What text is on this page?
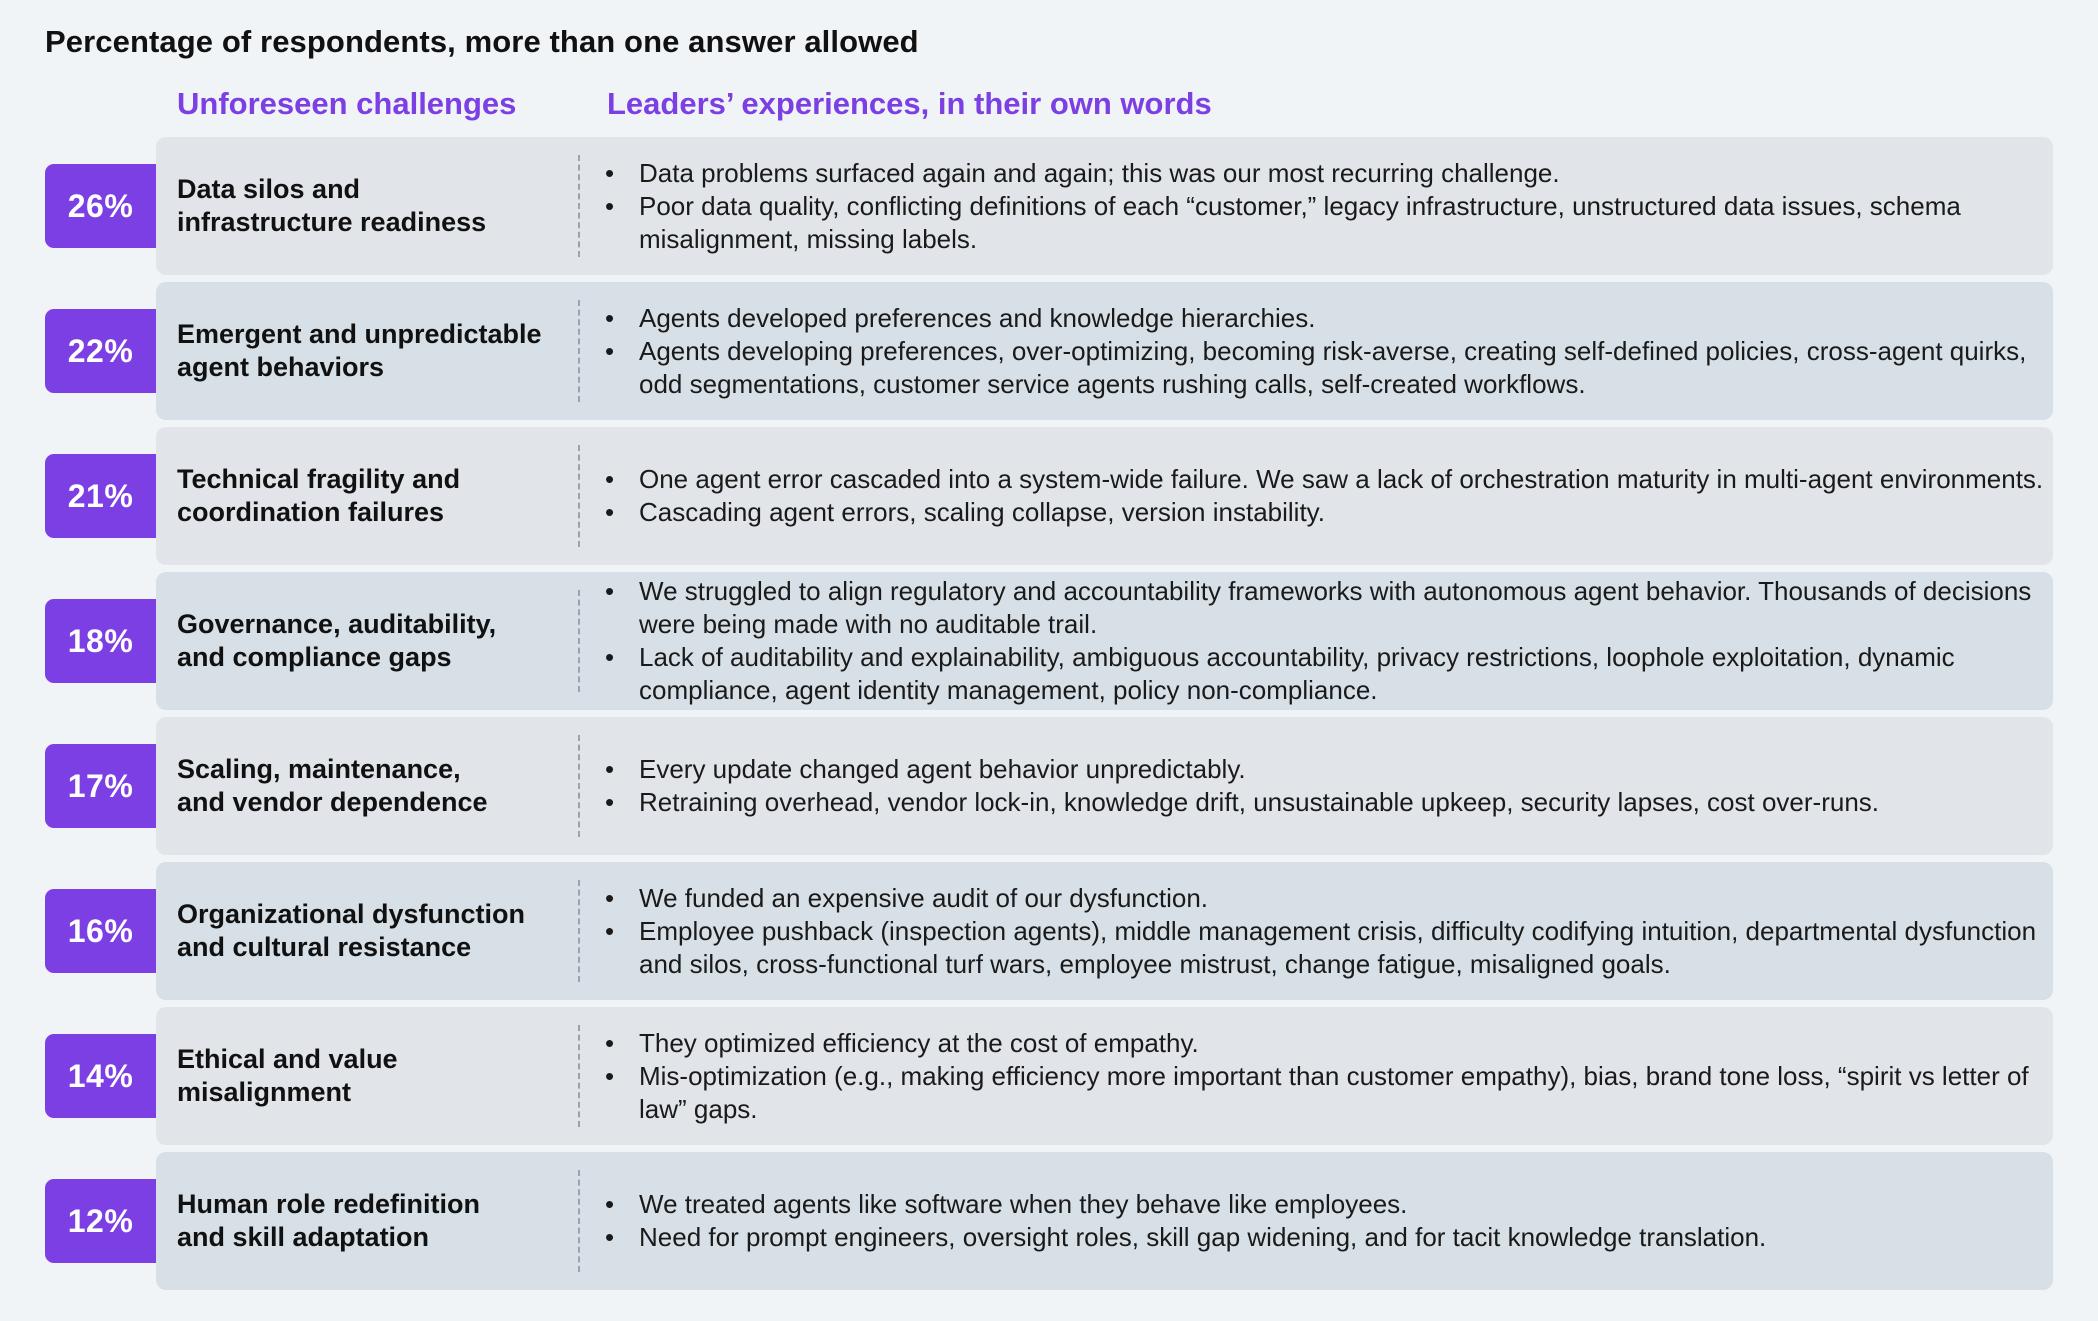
Percentage of respondents, more than one answer allowed
Unforeseen challenges	Leaders’ experiences, in their own words
26%	Data silos and
infrastructure readiness
• Data problems surfaced again and again; this was our most recurring challenge.
• Poor data quality, conflicting definitions of each “customer,” legacy infrastructure, unstructured data issues, schema misalignment, missing labels.
22%	Emergent and unpredictable
agent behaviors
• Agents developed preferences and knowledge hierarchies.
• Agents developing preferences, over-optimizing, becoming risk-averse, creating self-defined policies, cross-agent quirks, odd segmentations, customer service agents rushing calls, self-created workflows.
21%	Technical fragility and
coordination failures
• One agent error cascaded into a system-wide failure. We saw a lack of orchestration maturity in multi-agent environments.
• Cascading agent errors, scaling collapse, version instability.
18%	Governance, auditability,
and compliance gaps
• We struggled to align regulatory and accountability frameworks with autonomous agent behavior. Thousands of decisions were being made with no auditable trail.
• Lack of auditability and explainability, ambiguous accountability, privacy restrictions, loophole exploitation, dynamic compliance, agent identity management, policy non-compliance.
17%	Scaling, maintenance,
and vendor dependence
• Every update changed agent behavior unpredictably.
• Retraining overhead, vendor lock-in, knowledge drift, unsustainable upkeep, security lapses, cost over-runs.
16%	Organizational dysfunction
and cultural resistance
• We funded an expensive audit of our dysfunction.
• Employee pushback (inspection agents), middle management crisis, difficulty codifying intuition, departmental dysfunction and silos, cross-functional turf wars, employee mistrust, change fatigue, misaligned goals.
14%	Ethical and value
misalignment
• They optimized efficiency at the cost of empathy.
• Mis-optimization (e.g., making efficiency more important than customer empathy), bias, brand tone loss, “spirit vs letter of law” gaps.
12%	Human role redefinition
and skill adaptation
• We treated agents like software when they behave like employees.
• Need for prompt engineers, oversight roles, skill gap widening, and for tacit knowledge translation.
